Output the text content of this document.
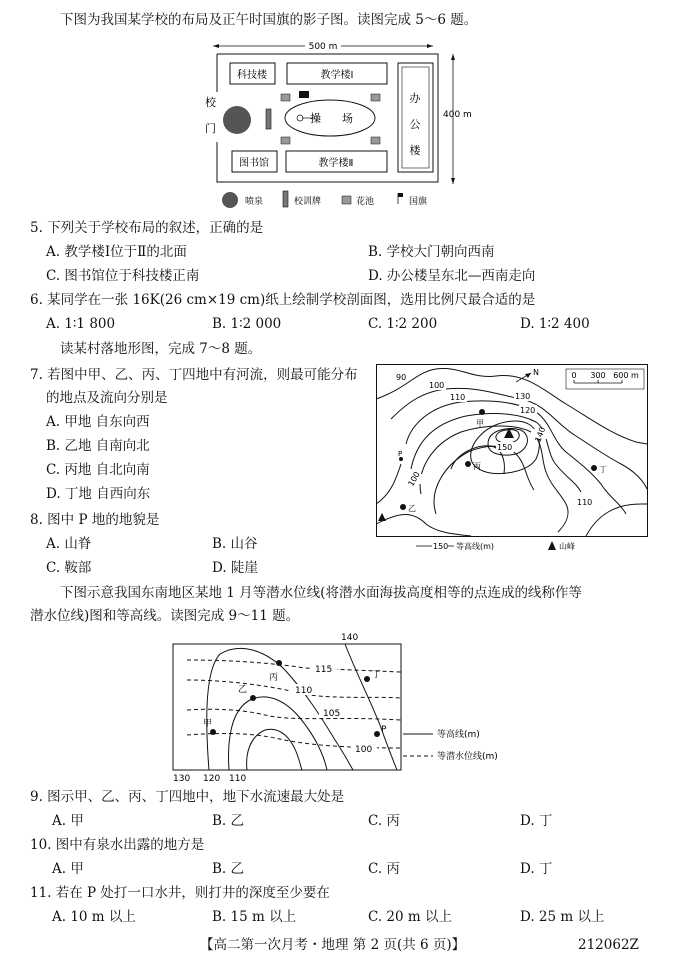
下图为我国某学校的布局及正午时国旗的影子图。读图完成 5～6 题。
500 m
400 m
校
门
科技楼	教学楼Ⅰ
图书馆	教学楼Ⅱ
办
公
楼
操 场
喷泉	校训牌	花池	国旗
5. 下列关于学校布局的叙述，正确的是
A. 教学楼Ⅰ位于Ⅱ的北面	B. 学校大门朝向西南
C. 图书馆位于科技楼正南	D. 办公楼呈东北—西南走向
6. 某同学在一张 16K(26 cm×19 cm)纸上绘制学校剖面图，选用比例尺最合适的是
A. 1∶1 800	B. 1∶2 000	C. 1∶2 200	D. 1∶2 400
读某村落地形图，完成 7～8 题。
7. 若图中甲、乙、丙、丁四地中有河流，则最可能分布
的地点及流向分别是
A. 甲地 自东向西
B. 乙地 自南向北
C. 丙地 自北向南
D. 丁地 自西向东
8. 图中 P 地的地貌是
A. 山脊	B. 山谷
C. 鞍部	D. 陡崖
0 300 600 m
N
90
100
110	130
120
140
150
100
110
甲
丙	丁
乙
P
150 等高线(m)	山峰
下图示意我国东南地区某地 1 月等潜水位线(将潜水面海拔高度相等的点连成的线称作等
潜水位线)图和等高线。读图完成 9～11 题。
140
115
110
105
100
丙
乙
甲
丁
P
130 120 110
等高线(m)
等潜水位线(m)
9. 图示甲、乙、丙、丁四地中，地下水流速最大处是
A. 甲	B. 乙	C. 丙	D. 丁
10. 图中有泉水出露的地方是
A. 甲	B. 乙	C. 丙	D. 丁
11. 若在 P 处打一口水井，则打井的深度至少要在
A. 10 m 以上	B. 15 m 以上	C. 20 m 以上	D. 25 m 以上
【高二第一次月考・地理 第 2 页(共 6 页)】	212062Z
